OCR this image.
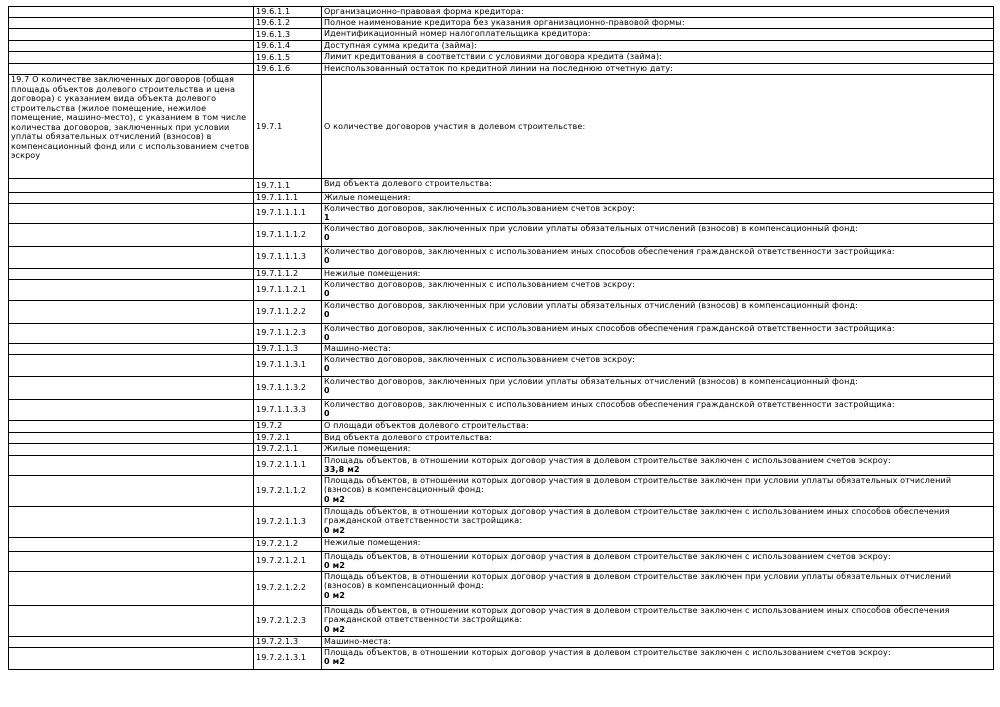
	19.6.1.1	Организационно-правовая форма кредитора:

	19.6.1.2	Полное наименование кредитора без указания организационно-правовой формы:

	19.6.1.3	Идентификационный номер налогоплательщика кредитора:

	19.6.1.4	Доступная сумма кредита (займа):

	19.6.1.5	Лимит кредитования в соответствии с условиями договора кредита (займа):

	19.6.1.6	Неиспользованный остаток по кредитной линии на последнюю отчетную дату:

19.7 О количестве заключенных договоров (общая площадь объектов долевого строительства и цена договора) с указанием вида объекта долевого строительства (жилое помещение, нежилое помещение, машино-место), с указанием в том числе количества договоров, заключенных при условии уплаты обязательных отчислений (взносов) в компенсационный фонд или с использованием счетов эскроу	19.7.1	О количестве договоров участия в долевом строительстве:

	19.7.1.1	Вид объекта долевого строительства:

	19.7.1.1.1	Жилые помещения:

	19.7.1.1.1.1	Количество договоров, заключенных с использованием счетов эскроу:
1

	19.7.1.1.1.2	Количество договоров, заключенных при условии уплаты обязательных отчислений (взносов) в компенсационный фонд:
0

	19.7.1.1.1.3	Количество договоров, заключенных с использованием иных способов обеспечения гражданской ответственности застройщика:
0

	19.7.1.1.2	Нежилые помещения:

	19.7.1.1.2.1	Количество договоров, заключенных с использованием счетов эскроу:
0

	19.7.1.1.2.2	Количество договоров, заключенных при условии уплаты обязательных отчислений (взносов) в компенсационный фонд:
0

	19.7.1.1.2.3	Количество договоров, заключенных с использованием иных способов обеспечения гражданской ответственности застройщика:
0

	19.7.1.1.3	Машино-места:

	19.7.1.1.3.1	Количество договоров, заключенных с использованием счетов эскроу:
0

	19.7.1.1.3.2	Количество договоров, заключенных при условии уплаты обязательных отчислений (взносов) в компенсационный фонд:
0

	19.7.1.1.3.3	Количество договоров, заключенных с использованием иных способов обеспечения гражданской ответственности застройщика:
0

	19.7.2	О площади объектов долевого строительства:

	19.7.2.1	Вид объекта долевого строительства:

	19.7.2.1.1	Жилые помещения:

	19.7.2.1.1.1	Площадь объектов, в отношении которых договор участия в долевом строительстве заключен с использованием счетов эскроу:
33,8 м2

	19.7.2.1.1.2	Площадь объектов, в отношении которых договор участия в долевом строительстве заключен при условии уплаты обязательных отчислений (взносов) в компенсационный фонд:
0 м2

	19.7.2.1.1.3	Площадь объектов, в отношении которых договор участия в долевом строительстве заключен с использованием иных способов обеспечения гражданской ответственности застройщика:
0 м2

	19.7.2.1.2	Нежилые помещения:

	19.7.2.1.2.1	Площадь объектов, в отношении которых договор участия в долевом строительстве заключен с использованием счетов эскроу:
0 м2

	19.7.2.1.2.2	Площадь объектов, в отношении которых договор участия в долевом строительстве заключен при условии уплаты обязательных отчислений (взносов) в компенсационный фонд:
0 м2

	19.7.2.1.2.3	Площадь объектов, в отношении которых договор участия в долевом строительстве заключен с использованием иных способов обеспечения гражданской ответственности застройщика:
0 м2

	19.7.2.1.3	Машино-места:

	19.7.2.1.3.1	Площадь объектов, в отношении которых договор участия в долевом строительстве заключен с использованием счетов эскроу:
0 м2
